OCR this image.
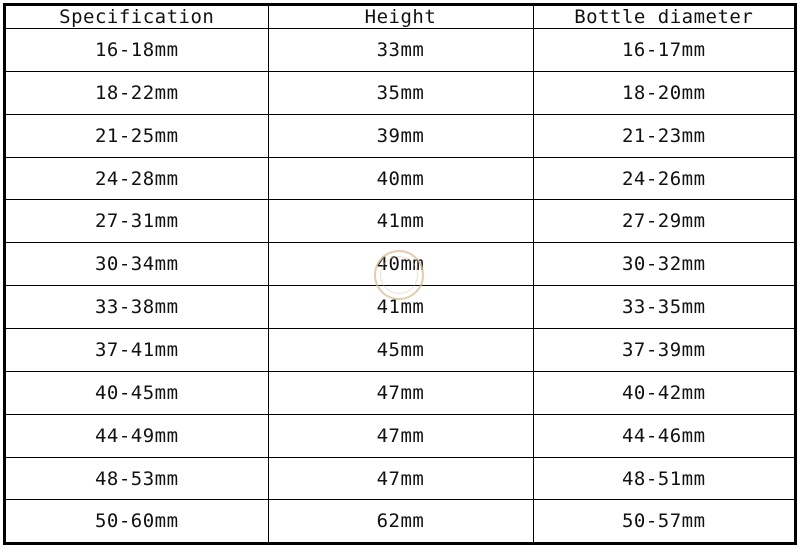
Specification	Height	Bottle diameter
16-18mm	33mm	16-17mm
18-22mm	35mm	18-20mm
21-25mm	39mm	21-23mm
24-28mm	40mm	24-26mm
27-31mm	41mm	27-29mm
30-34mm	40mm	30-32mm
33-38mm	41mm	33-35mm
37-41mm	45mm	37-39mm
40-45mm	47mm	40-42mm
44-49mm	47mm	44-46mm
48-53mm	47mm	48-51mm
50-60mm	62mm	50-57mm
